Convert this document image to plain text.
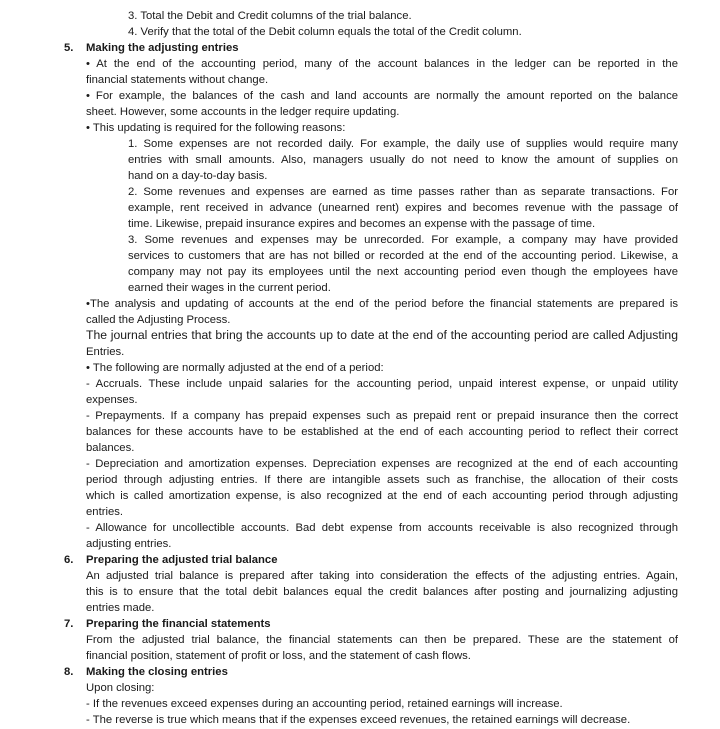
3. Total the Debit and Credit columns of the trial balance.
4. Verify that the total of the Debit column equals the total of the Credit column.
5. Making the adjusting entries
• At the end of the accounting period, many of the account balances in the ledger can be reported in the
financial statements without change.
• For example, the balances of the cash and land accounts are normally the amount reported on the balance
sheet. However, some accounts in the ledger require updating.
• This updating is required for the following reasons:
1. Some expenses are not recorded daily. For example, the daily use of supplies would require many
entries with small amounts. Also, managers usually do not need to know the amount of supplies on
hand on a day-to-day basis.
2. Some revenues and expenses are earned as time passes rather than as separate transactions. For
example, rent received in advance (unearned rent) expires and becomes revenue with the passage of
time. Likewise, prepaid insurance expires and becomes an expense with the passage of time.
3. Some revenues and expenses may be unrecorded. For example, a company may have provided
services to customers that are has not billed or recorded at the end of the accounting period. Likewise, a
company may not pay its employees until the next accounting period even though the employees have
earned their wages in the current period.
•The analysis and updating of accounts at the end of the period before the financial statements are prepared is
called the Adjusting Process.
The journal entries that bring the accounts up to date at the end of the accounting period are called Adjusting
Entries.
• The following are normally adjusted at the end of a period:
- Accruals. These include unpaid salaries for the accounting period, unpaid interest expense, or unpaid utility
expenses.
- Prepayments. If a company has prepaid expenses such as prepaid rent or prepaid insurance then the correct
balances for these accounts have to be established at the end of each accounting period to reflect their correct
balances.
- Depreciation and amortization expenses. Depreciation expenses are recognized at the end of each accounting
period through adjusting entries. If there are intangible assets such as franchise, the allocation of their costs
which is called amortization expense, is also recognized at the end of each accounting period through adjusting
entries.
- Allowance for uncollectible accounts. Bad debt expense from accounts receivable is also recognized through
adjusting entries.
6. Preparing the adjusted trial balance
An adjusted trial balance is prepared after taking into consideration the effects of the adjusting entries. Again,
this is to ensure that the total debit balances equal the credit balances after posting and journalizing adjusting
entries made.
7. Preparing the financial statements
From the adjusted trial balance, the financial statements can then be prepared. These are the statement of
financial position, statement of profit or loss, and the statement of cash flows.
8. Making the closing entries
Upon closing:
- If the revenues exceed expenses during an accounting period, retained earnings will increase.
- The reverse is true which means that if the expenses exceed revenues, the retained earnings will decrease.
